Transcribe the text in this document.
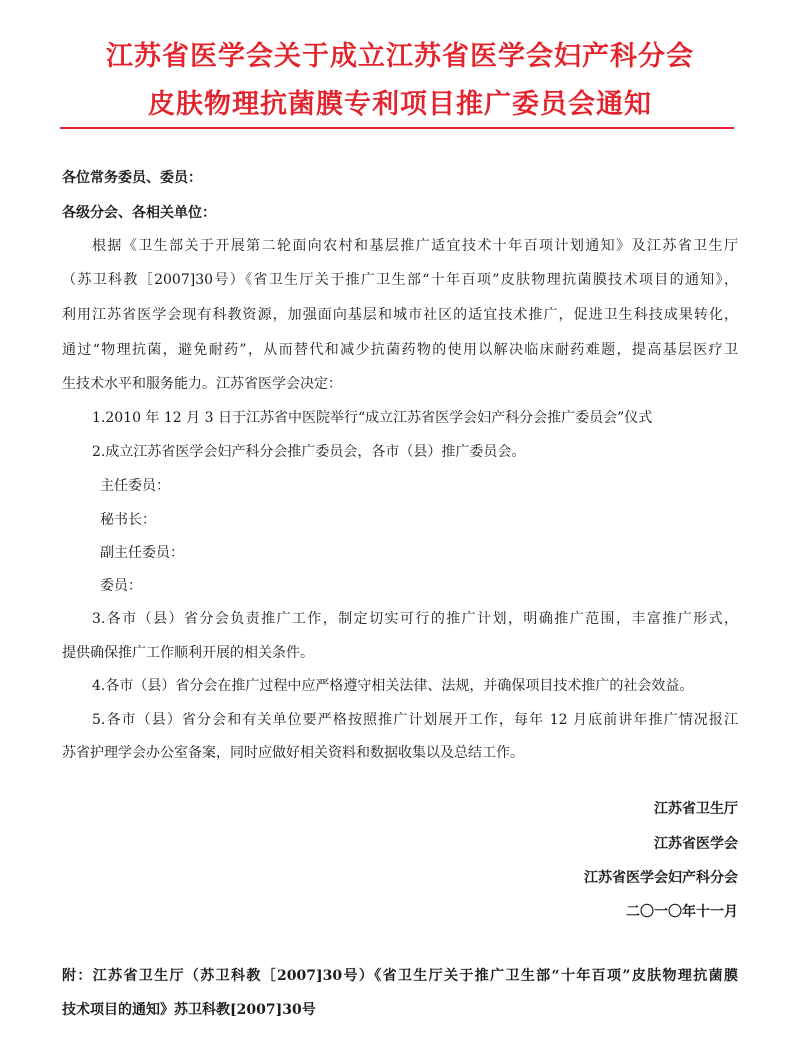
江苏省医学会关于成立江苏省医学会妇产科分会
皮肤物理抗菌膜专利项目推广委员会通知
各位常务委员、委员：
各级分会、各相关单位：
根据《卫生部关于开展第二轮面向农村和基层推广适宜技术十年百项计划通知》及江苏省卫生厅
（苏卫科教［2007]30号）《省卫生厅关于推广卫生部“十年百项”皮肤物理抗菌膜技术项目的通知》，
利用江苏省医学会现有科教资源，加强面向基层和城市社区的适宜技术推广，促进卫生科技成果转化，
通过“物理抗菌，避免耐药”，从而替代和减少抗菌药物的使用以解决临床耐药难题，提高基层医疗卫
生技术水平和服务能力。江苏省医学会决定：
1.2010 年 12 月 3 日于江苏省中医院举行“成立江苏省医学会妇产科分会推广委员会”仪式
2.成立江苏省医学会妇产科分会推广委员会，各市（县）推广委员会。
主任委员：
秘书长：
副主任委员：
委员：
3.各市（县）省分会负责推广工作，制定切实可行的推广计划，明确推广范围，丰富推广形式，
提供确保推广工作顺利开展的相关条件。
4.各市（县）省分会在推广过程中应严格遵守相关法律、法规，并确保项目技术推广的社会效益。
5.各市（县）省分会和有关单位要严格按照推广计划展开工作，每年 12 月底前讲年推广情况报江
苏省护理学会办公室备案，同时应做好相关资料和数据收集以及总结工作。
江苏省卫生厅
江苏省医学会
江苏省医学会妇产科分会
二〇一〇年十一月
附：江苏省卫生厅（苏卫科教［2007]30号）《省卫生厅关于推广卫生部“十年百项”皮肤物理抗菌膜
技术项目的通知》苏卫科教[2007]30号
